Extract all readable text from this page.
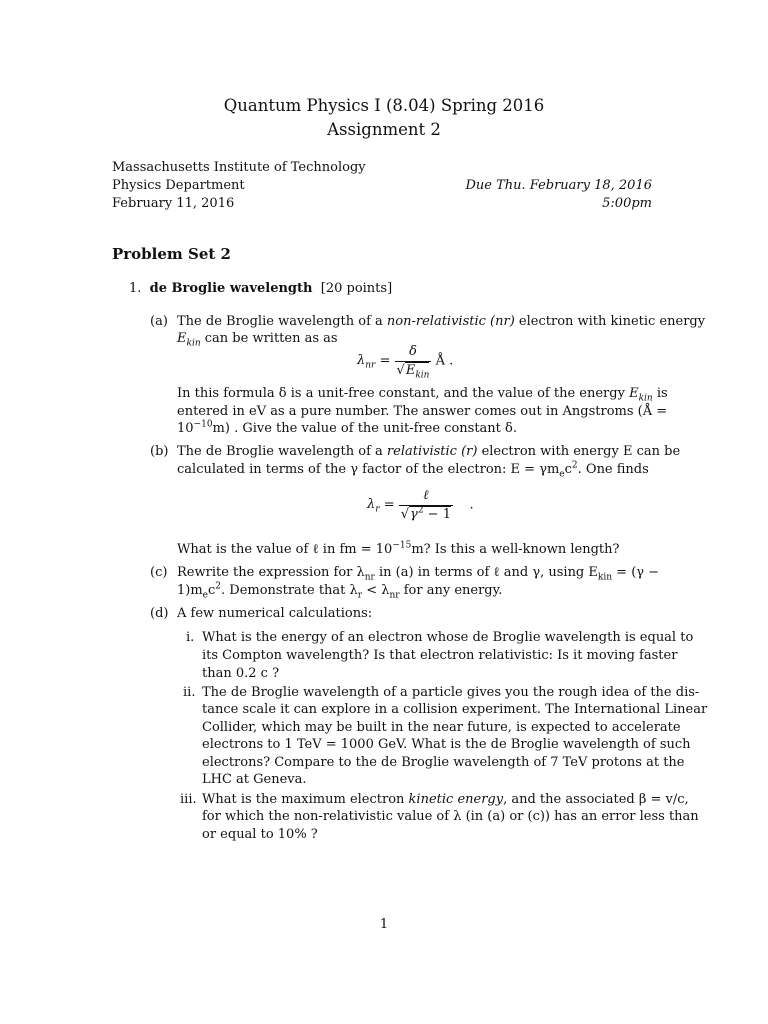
Quantum Physics I (8.04) Spring 2016
Assignment 2
Massachusetts Institute of Technology
Physics Department
February 11, 2016
Due Thu. February 18, 2016
5:00pm
Problem Set 2
1. de Broglie wavelength [20 points]
(a) The de Broglie wavelength of a non-relativistic (nr) electron with kinetic energy
$E_{kin}$ can be written as as
$\lambda_{nr} = \frac{\delta}{√E_{kin}}$ Å .
In this formula δ is a unit-free constant, and the value of the energy $E_{kin}$ is
entered in eV as a pure number. The answer comes out in Angstroms (Å =
$10^{-10}m$) . Give the value of the unit-free constant δ.
(b) The de Broglie wavelength of a relativistic (r) electron with energy E can be
calculated in terms of the γ factor of the electron: $E = \gamma m_ec^2$. One finds
$\lambda_r = \frac{\text{ℓ}}{√\gamma^2 - 1}$ .
What is the value of ℓ in fm = $10^{-15}m$? Is this a well-known length?
(c) Rewrite the expression for $\lambda_{nr}$ in (a) in terms of ℓ and γ, using $E_{kin} = (\gamma$ −
$1)m_ec^2$. Demonstrate that $\lambda_r < \lambda_{nr}$ for any energy.
(d) A few numerical calculations:
i. What is the energy of an electron whose de Broglie wavelength is equal to
its Compton wavelength? Is that electron relativistic: Is it moving faster
than 0.2 c ?
ii. The de Broglie wavelength of a particle gives you the rough idea of the dis-
tance scale it can explore in a collision experiment. The International Linear
Collider, which may be built in the near future, is expected to accelerate
electrons to 1 TeV = 1000 GeV. What is the de Broglie wavelength of such
electrons? Compare to the de Broglie wavelength of 7 TeV protons at the
LHC at Geneva.
iii. What is the maximum electron kinetic energy, and the associated β = v/c,
for which the non-relativistic value of λ (in (a) or (c)) has an error less than
or equal to 10% ?
1
